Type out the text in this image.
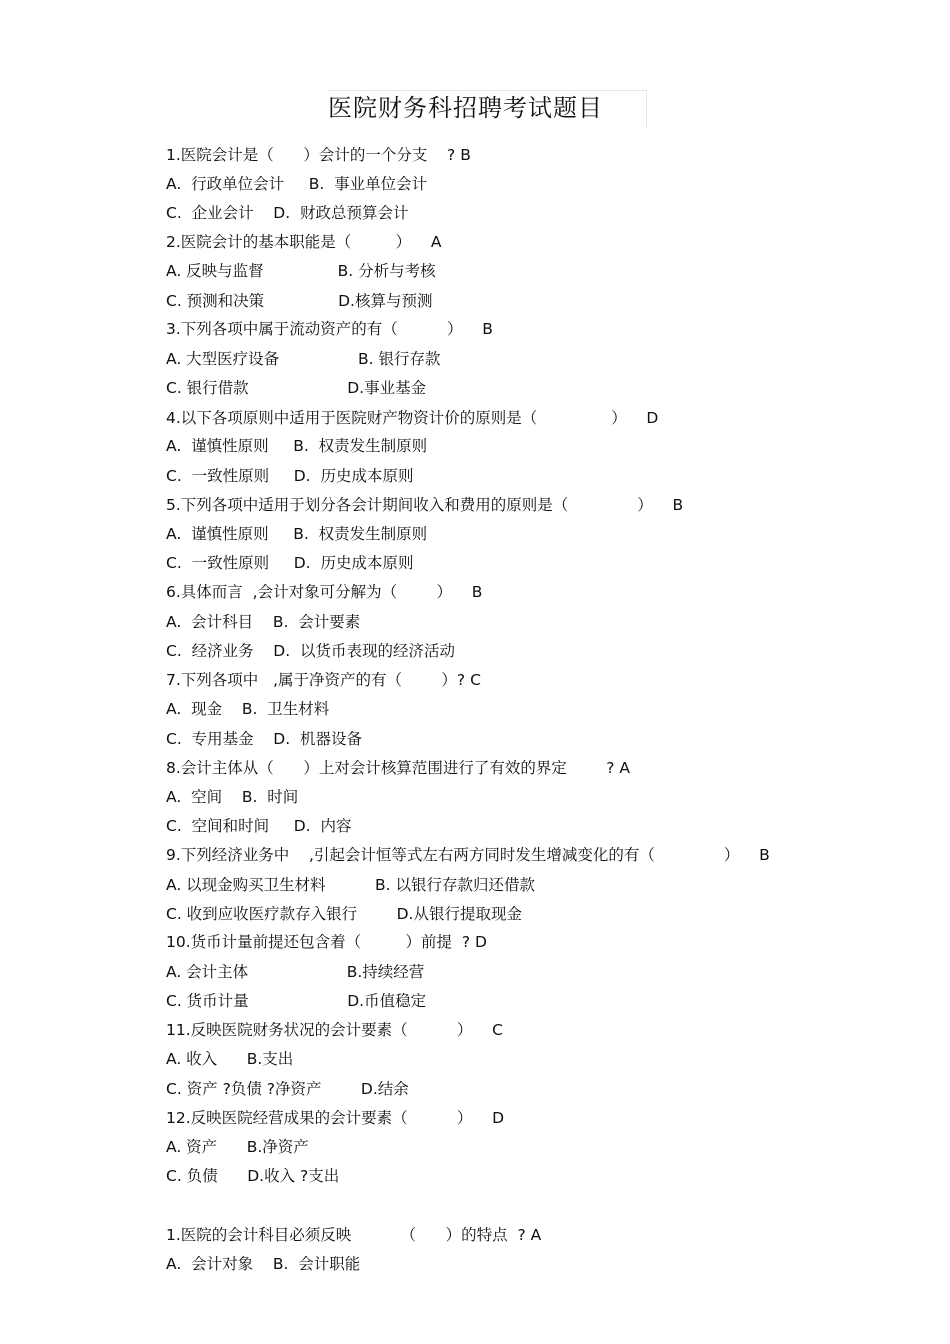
医院财务科招聘考试题目
1.医院会计是（      ）会计的一个分支    ? B
A.  行政单位会计     B.  事业单位会计
C.  企业会计    D.  财政总预算会计
2.医院会计的基本职能是（         ）    A
A. 反映与监督               B. 分析与考核
C. 预测和决策               D.核算与预测
3.下列各项中属于流动资产的有（          ）    B
A. 大型医疗设备                B. 银行存款
C. 银行借款                    D.事业基金
4.以下各项原则中适用于医院财产物资计价的原则是（               ）    D
A.  谨慎性原则     B.  权责发生制原则
C.  一致性原则     D.  历史成本原则
5.下列各项中适用于划分各会计期间收入和费用的原则是（              ）    B
A.  谨慎性原则     B.  权责发生制原则
C.  一致性原则     D.  历史成本原则
6.具体而言  ,会计对象可分解为（        ）    B
A.  会计科目    B.  会计要素
C.  经济业务    D.  以货币表现的经济活动
7.下列各项中   ,属于净资产的有（        ）? C
A.  现金    B.  卫生材料
C.  专用基金    D.  机器设备
8.会计主体从（      ）上对会计核算范围进行了有效的界定        ? A
A.  空间    B.  时间
C.  空间和时间     D.  内容
9.下列经济业务中    ,引起会计恒等式左右两方同时发生增减变化的有（              ）    B
A. 以现金购买卫生材料          B. 以银行存款归还借款
C. 收到应收医疗款存入银行        D.从银行提取现金
10.货币计量前提还包含着（         ）前提  ? D
A. 会计主体                    B.持续经营
C. 货币计量                    D.币值稳定
11.反映医院财务状况的会计要素（          ）    C
A. 收入      B.支出
C. 资产 ?负债 ?净资产        D.结余
12.反映医院经营成果的会计要素（          ）    D
A. 资产      B.净资产
C. 负债      D.收入 ?支出
1.医院的会计科目必须反映          （      ）的特点  ? A
A.  会计对象    B.  会计职能
